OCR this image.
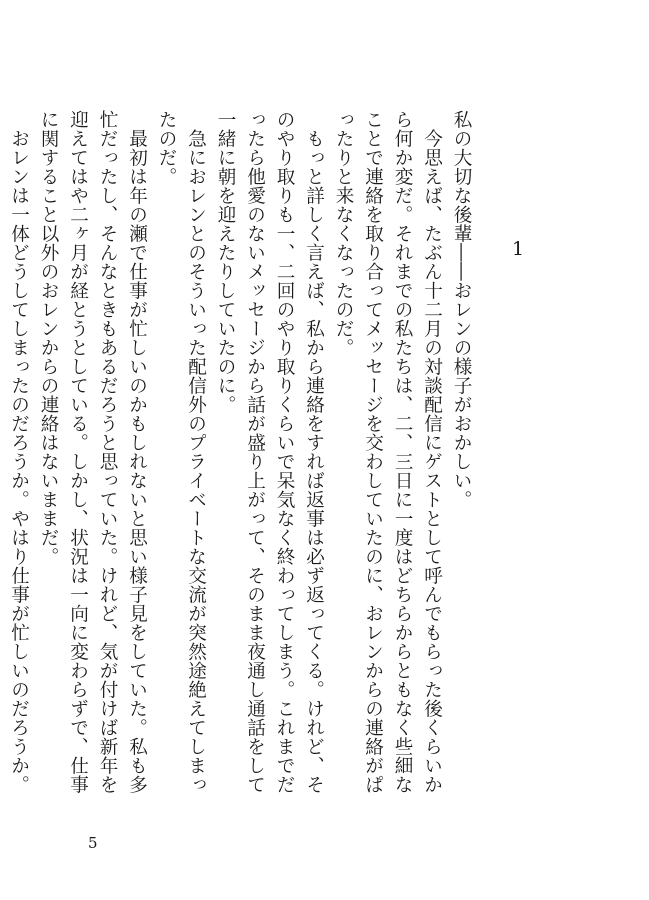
1

私の大切な後輩――おレンの様子がおかしい。

今思えば、たぶん十二月の対談配信にゲストとして呼んでもらった後くらいから何か変だ。それまでの私たちは、二、三日に一度はどちらからともなく些細なことで連絡を取り合ってメッセージを交わしていたのに、おレンからの連絡がぱったりと来なくなったのだ。

もっと詳しく言えば、私から連絡をすれば返事は必ず返ってくる。けれど、そのやり取りも一、二回のやり取りくらいで呆気なく終わってしまう。これまでだったら他愛のないメッセージから話が盛り上がって、そのまま夜通し通話をして一緒に朝を迎えたりしていたのに。

急におレンとのそういった配信外のプライベートな交流が突然途絶えてしまったのだ。

最初は年の瀬で仕事が忙しいのかもしれないと思い様子見をしていた。私も多忙だったし、そんなときもあるだろうと思っていた。けれど、気が付けば新年を迎えてはや二ヶ月が経とうとしている。しかし、状況は一向に変わらずで、仕事に関すること以外のおレンからの連絡はないままだ。

おレンは一体どうしてしまったのだろうか。やはり仕事が忙しいのだろうか。

5
